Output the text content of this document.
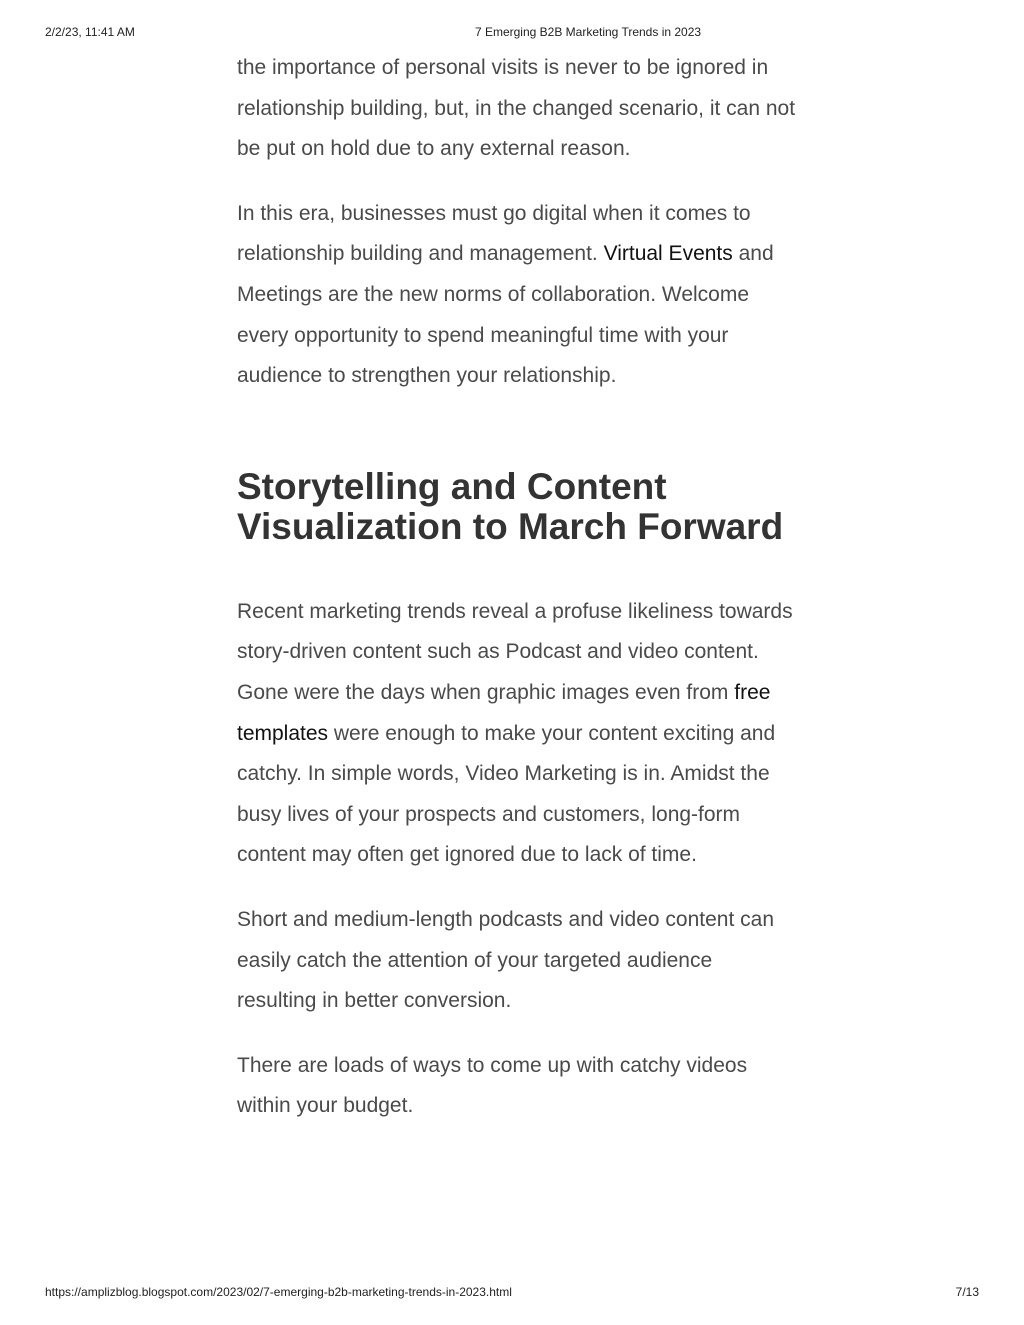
2/2/23, 11:41 AM	7 Emerging B2B Marketing Trends in 2023

the importance of personal visits is never to be ignored in relationship building, but, in the changed scenario, it can not be put on hold due to any external reason.

In this era, businesses must go digital when it comes to relationship building and management. Virtual Events and Meetings are the new norms of collaboration. Welcome every opportunity to spend meaningful time with your audience to strengthen your relationship.

Storytelling and Content Visualization to March Forward

Recent marketing trends reveal a profuse likeliness towards story-driven content such as Podcast and video content. Gone were the days when graphic images even from free templates were enough to make your content exciting and catchy. In simple words, Video Marketing is in. Amidst the busy lives of your prospects and customers, long-form content may often get ignored due to lack of time.

Short and medium-length podcasts and video content can easily catch the attention of your targeted audience resulting in better conversion.

There are loads of ways to come up with catchy videos within your budget.

https://amplizblog.blogspot.com/2023/02/7-emerging-b2b-marketing-trends-in-2023.html	7/13
